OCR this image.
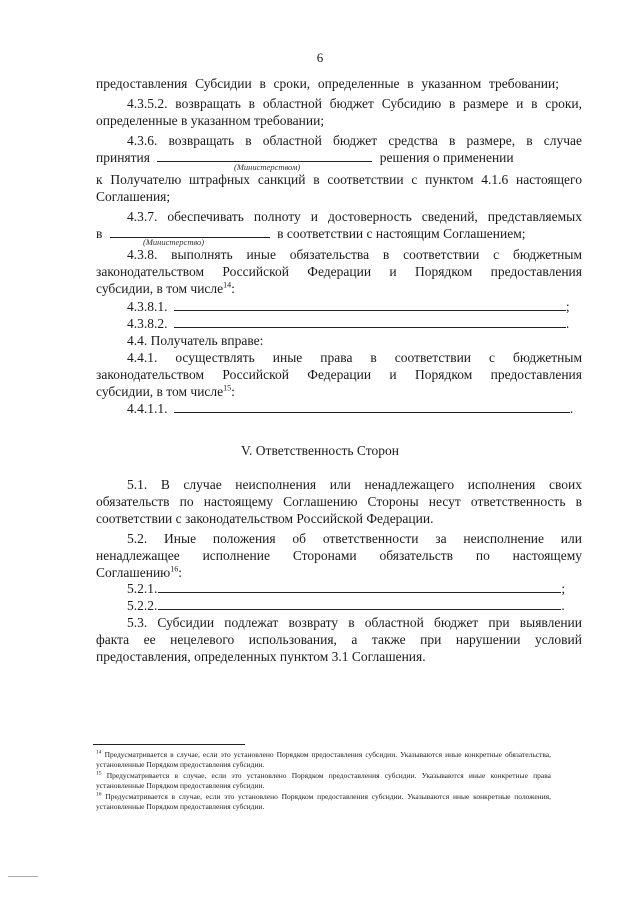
6
предоставления Субсидии в сроки, определенные в указанном требовании;
4.3.5.2. возвращать в областной бюджет Субсидию в размере и в сроки,
определенные в указанном требовании;
4.3.6. возвращать в областной бюджет средства в размере, в случае
принятия	решения о применении
(Министерством)
к Получателю штрафных санкций в соответствии с пунктом 4.1.6 настоящего
Соглашения;
4.3.7. обеспечивать полноту и достоверность сведений, представляемых
в	в соответствии с настоящим Соглашением;
(Министерство)
4.3.8. выполнять иные обязательства в соответствии с бюджетным
законодательством Российской Федерации и Порядком предоставления
субсидии, в том числе$^{14}$:
4.3.8.1.	;
4.3.8.2.	.
4.4. Получатель вправе:
4.4.1. осуществлять иные права в соответствии с бюджетным
законодательством Российской Федерации и Порядком предоставления
субсидии, в том числе$^{15}$:
4.4.1.1.	.
V. Ответственность Сторон
5.1. В случае неисполнения или ненадлежащего исполнения своих
обязательств по настоящему Соглашению Стороны несут ответственность в
соответствии с законодательством Российской Федерации.
5.2. Иные положения об ответственности за неисполнение или
ненадлежащее исполнение Сторонами обязательств по настоящему
Соглашению$^{16}$:
5.2.1.	;
5.2.2.	.
5.3. Субсидии подлежат возврату в областной бюджет при выявлении
факта ее нецелевого использования, а также при нарушении условий
предоставления, определенных пунктом 3.1 Соглашения.
$^{14}$ Предусматривается в случае, если это установлено Порядком предоставления субсидии. Указываются иные конкретные обязательства, установленные Порядком предоставления субсидии.
$^{15}$ Предусматривается в случае, если это установлено Порядком предоставления субсидии. Указываются иные конкретные права установленные Порядком предоставления субсидии.
$^{16}$ Предусматривается в случае, если это установлено Порядком предоставления субсидии. Указываются иные конкретные положения, установленные Порядком предоставления субсидии.
